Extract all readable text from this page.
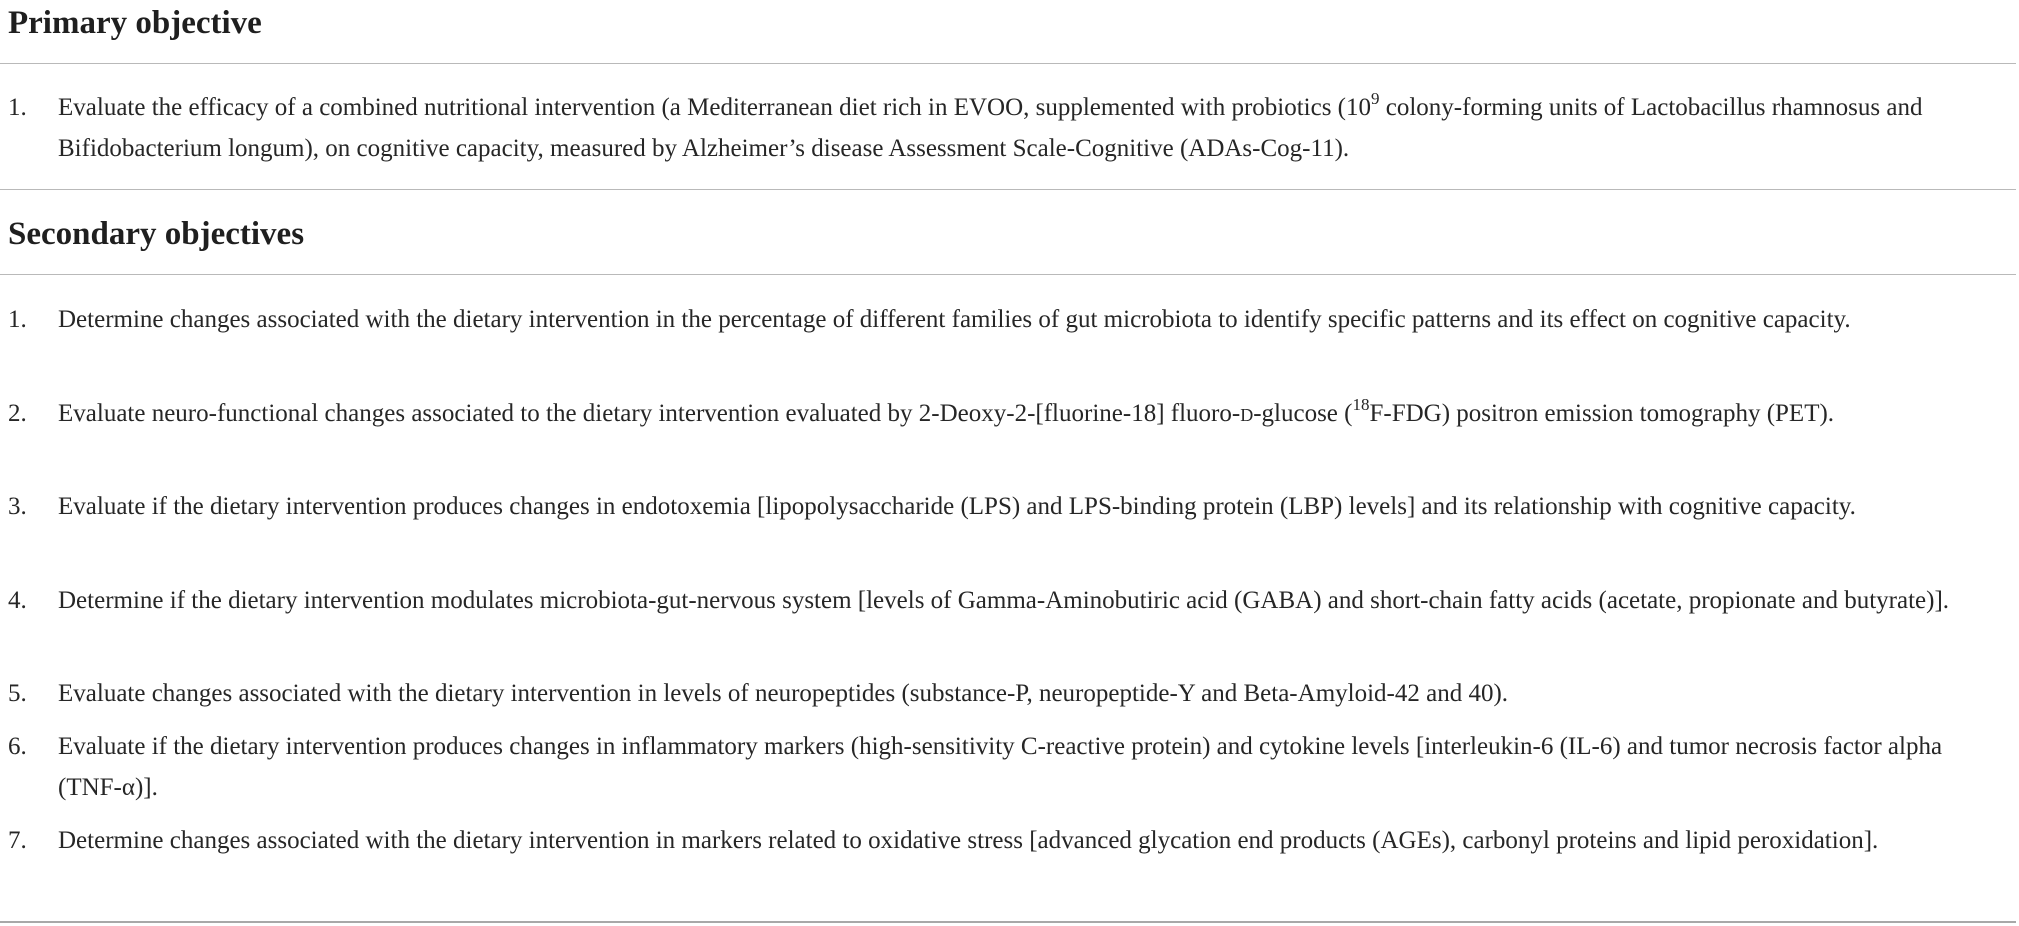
Primary objective
1. Evaluate the efficacy of a combined nutritional intervention (a Mediterranean diet rich in EVOO, supplemented with probiotics ($10^9$ colony-forming units of Lactobacillus rhamnosus and Bifidobacterium longum), on cognitive capacity, measured by Alzheimer’s disease Assessment Scale-Cognitive (ADAs-Cog-11).
Secondary objectives
1. Determine changes associated with the dietary intervention in the percentage of different families of gut microbiota to identify specific patterns and its effect on cognitive capacity.
2. Evaluate neuro-functional changes associated to the dietary intervention evaluated by 2-Deoxy-2-[fluorine-18] fluoro-d-glucose ($^{18}$F-FDG) positron emission tomography (PET).
3. Evaluate if the dietary intervention produces changes in endotoxemia [lipopolysaccharide (LPS) and LPS-binding protein (LBP) levels] and its relationship with cognitive capacity.
4. Determine if the dietary intervention modulates microbiota-gut-nervous system [levels of Gamma-Aminobutiric acid (GABA) and short-chain fatty acids (acetate, propionate and butyrate)].
5. Evaluate changes associated with the dietary intervention in levels of neuropeptides (substance-P, neuropeptide-Y and Beta-Amyloid-42 and 40).
6. Evaluate if the dietary intervention produces changes in inflammatory markers (high-sensitivity C-reactive protein) and cytokine levels [interleukin-6 (IL-6) and tumor necrosis factor alpha (TNF-α)].
7. Determine changes associated with the dietary intervention in markers related to oxidative stress [advanced glycation end products (AGEs), carbonyl proteins and lipid peroxidation].
